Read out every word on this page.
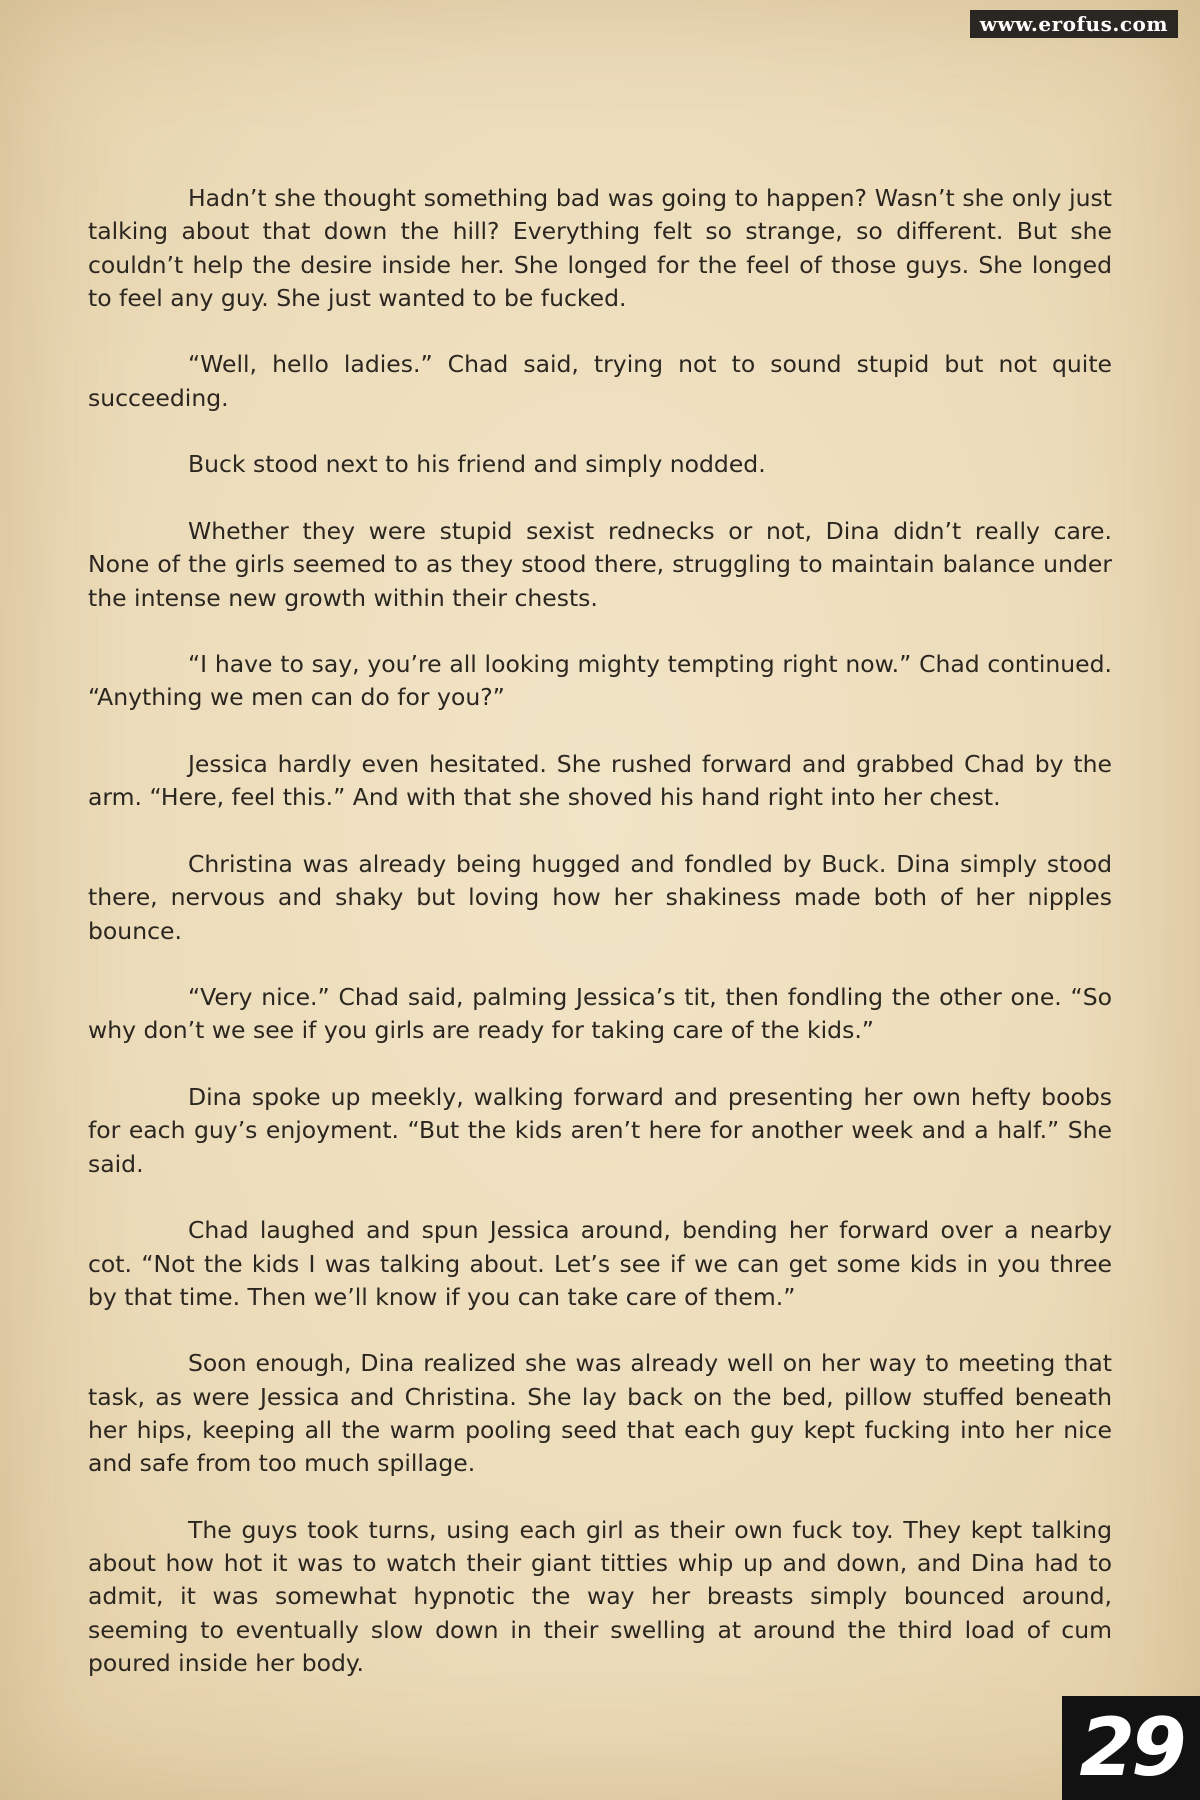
www.erofus.com

Hadn’t she thought something bad was going to happen? Wasn’t she only just talking about that down the hill? Everything felt so strange, so different. But she couldn’t help the desire inside her. She longed for the feel of those guys. She longed to feel any guy. She just wanted to be fucked.

“Well, hello ladies.” Chad said, trying not to sound stupid but not quite succeeding.

Buck stood next to his friend and simply nodded.

Whether they were stupid sexist rednecks or not, Dina didn’t really care. None of the girls seemed to as they stood there, struggling to maintain balance under the intense new growth within their chests.

“I have to say, you’re all looking mighty tempting right now.” Chad continued. “Anything we men can do for you?”

Jessica hardly even hesitated. She rushed forward and grabbed Chad by the arm. “Here, feel this.” And with that she shoved his hand right into her chest.

Christina was already being hugged and fondled by Buck. Dina simply stood there, nervous and shaky but loving how her shakiness made both of her nipples bounce.

“Very nice.” Chad said, palming Jessica’s tit, then fondling the other one. “So why don’t we see if you girls are ready for taking care of the kids.”

Dina spoke up meekly, walking forward and presenting her own hefty boobs for each guy’s enjoyment. “But the kids aren’t here for another week and a half.” She said.

Chad laughed and spun Jessica around, bending her forward over a nearby cot. “Not the kids I was talking about. Let’s see if we can get some kids in you three by that time. Then we’ll know if you can take care of them.”

Soon enough, Dina realized she was already well on her way to meeting that task, as were Jessica and Christina. She lay back on the bed, pillow stuffed beneath her hips, keeping all the warm pooling seed that each guy kept fucking into her nice and safe from too much spillage.

The guys took turns, using each girl as their own fuck toy. They kept talking about how hot it was to watch their giant titties whip up and down, and Dina had to admit, it was somewhat hypnotic the way her breasts simply bounced around, seeming to eventually slow down in their swelling at around the third load of cum poured inside her body.

29
